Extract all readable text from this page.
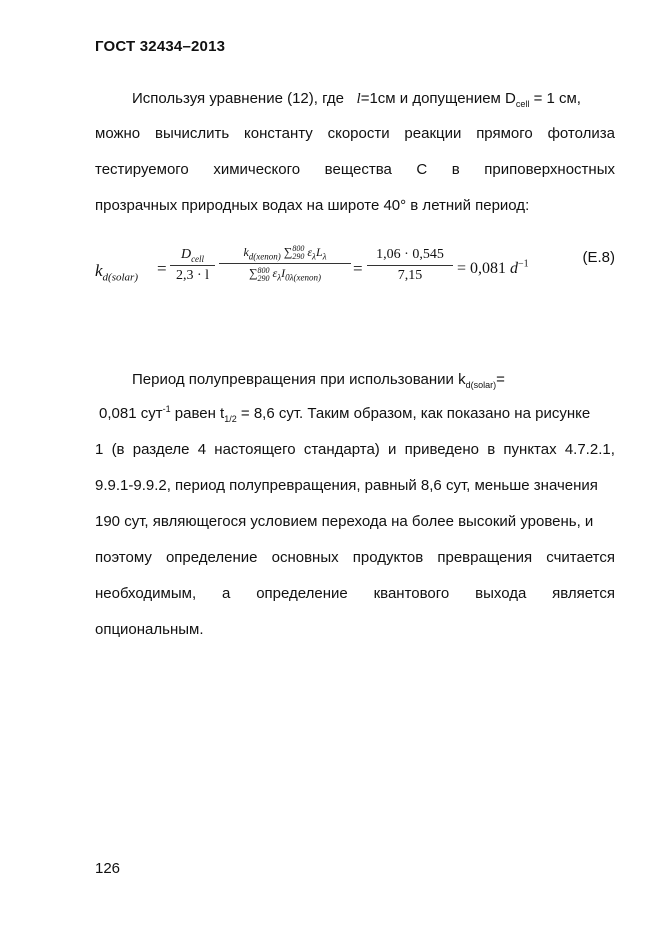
ГОСТ 32434–2013
Используя уравнение (12), где l=1см и допущением $D_{cell} = 1$ см,
можно вычислить константу скорости реакции прямого фотолиза
тестируемого химического вещества С в приповерхностных
прозрачных природных водах на широте 40° в летний период:
$k_{d(solar)}$ =
$D_{cell}$
2,3 · l
$k_{d(xenon)}$ ∑800
290 $\varepsilon_\lambda L_\lambda$
∑800
290 $\varepsilon_\lambda I_{0\lambda(xenon)}$	=
1,06 · 0,545
7,15	= 0,081 $d^{-1}$	(Е.8)
Период полупревращения при использовании $k_{d(solar)}=$
0,081 сут$^{-1}$ равен $t_{1/2} = 8,6$ сут. Таким образом, как показано на рисунке
1 (в разделе 4 настоящего стандарта) и приведено в пунктах 4.7.2.1,
9.9.1-9.9.2, период полупревращения, равный 8,6 сут, меньше значения
190 сут, являющегося условием перехода на более высокий уровень, и
поэтому определение основных продуктов превращения считается
необходимым, а определение квантового выхода является
опциональным.
126
